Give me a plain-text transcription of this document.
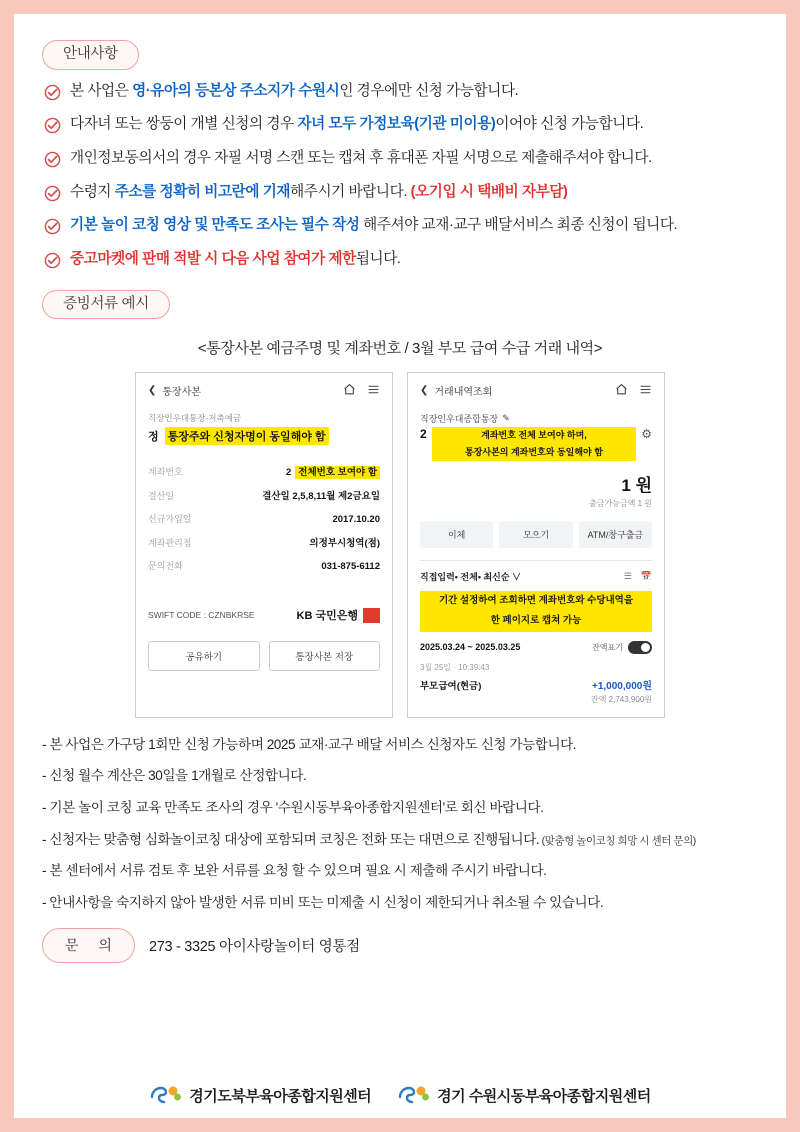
안내사항
본 사업은 영·유아의 등본상 주소지가 수원시인 경우에만 신청 가능합니다.
다자녀 또는 쌍둥이 개별 신청의 경우 자녀 모두 가정보육(기관 미이용)이어야 신청 가능합니다.
개인정보동의서의 경우 자필 서명 스캔 또는 캡쳐 후 휴대폰 자필 서명으로 제출해주셔야 합니다.
수령지 주소를 정확히 비고란에 기재해주시기 바랍니다. (오기입 시 택배비 자부담)
기본 놀이 코칭 영상 및 만족도 조사는 필수 작성 해주셔야 교재·교구 배달서비스 최종 신청이 됩니다.
중고마켓에 판매 적발 시 다음 사업 참여가 제한됩니다.
증빙서류 예시
<통장사본 예금주명 및 계좌번호 / 3월 부모 급여 수급 거래 내역>
❮ 통장사본
직장인우대통장-저축예금
정 통장주와 신청자명이 동일해야 함
계좌번호	2 전체번호 보여야 함
결산일	결산일 2,5,8,11월 제2금요일
신규가입일	2017.10.20
계좌관리점	의정부시청역(점)
문의전화	031-875-6112
SWIFT CODE : CZNBKRSE	KB 국민은행
공유하기	통장사본 저장
❮ 거래내역조회
직장인우대종합통장 ✎
2	계좌번호 전체 보여야 하며,
통장사본의 계좌번호와 동일해야 함
⚙
1 원
출금가능금액 1 원
이체	모으기	ATM/창구출금
직접입력• 전체• 최신순 ∨	☰ 📅
기간 설정하여 조회하면 계좌번호와 수당내역을
한 페이지로 캡쳐 가능
2025.03.24 ~ 2025.03.25	잔액표기
3월 25일 · 10:39:43
부모급여(현금)	+1,000,000원
잔액 2,743,900원
- 본 사업은 가구당 1회만 신청 가능하며 2025 교재·교구 배달 서비스 신청자도 신청 가능합니다.
- 신청 월수 계산은 30일을 1개월로 산정합니다.
- 기본 놀이 코칭 교육 만족도 조사의 경우 '수원시동부육아종합지원센터'로 회신 바랍니다.
- 신청자는 맞춤형 심화놀이코칭 대상에 포함되며 코칭은 전화 또는 대면으로 진행됩니다. (맞춤형 놀이코칭 희망 시 센터 문의)
- 본 센터에서 서류 검토 후 보완 서류를 요청 할 수 있으며 필요 시 제출해 주시기 바랍니다.
- 안내사항을 숙지하지 않아 발생한 서류 미비 또는 미제출 시 신청이 제한되거나 취소될 수 있습니다.
문 의	273 - 3325 아이사랑놀이터 영통점
경기도북부육아종합지원센터	경기 수원시동부육아종합지원센터
